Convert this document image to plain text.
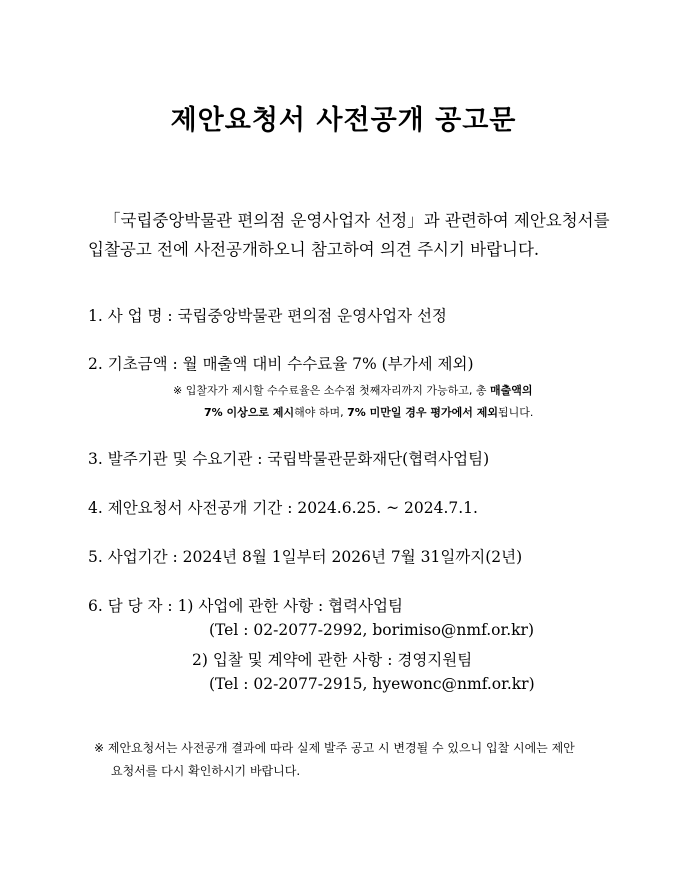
제안요청서 사전공개 공고문
「국립중앙박물관 편의점 운영사업자 선정」과 관련하여 제안요청서를
입찰공고 전에 사전공개하오니 참고하여 의견 주시기 바랍니다.
1. 사 업 명 : 국립중앙박물관 편의점 운영사업자 선정
2. 기초금액 : 월 매출액 대비 수수료율 7% (부가세 제외)
※ 입찰자가 제시할 수수료율은 소수점 첫째자리까지 가능하고, 총 매출액의
7% 이상으로 제시해야 하며, 7% 미만일 경우 평가에서 제외됩니다.
3. 발주기관 및 수요기관 : 국립박물관문화재단(협력사업팀)
4. 제안요청서 사전공개 기간 : 2024.6.25. ~ 2024.7.1.
5. 사업기간 : 2024년 8월 1일부터 2026년 7월 31일까지(2년)
6. 담 당 자 : 1) 사업에 관한 사항 : 협력사업팀
(Tel : 02-2077-2992, borimiso@nmf.or.kr)
2) 입찰 및 계약에 관한 사항 : 경영지원팀
(Tel : 02-2077-2915, hyewonc@nmf.or.kr)
※ 제안요청서는 사전공개 결과에 따라 실제 발주 공고 시 변경될 수 있으니 입찰 시에는 제안
요청서를 다시 확인하시기 바랍니다.
